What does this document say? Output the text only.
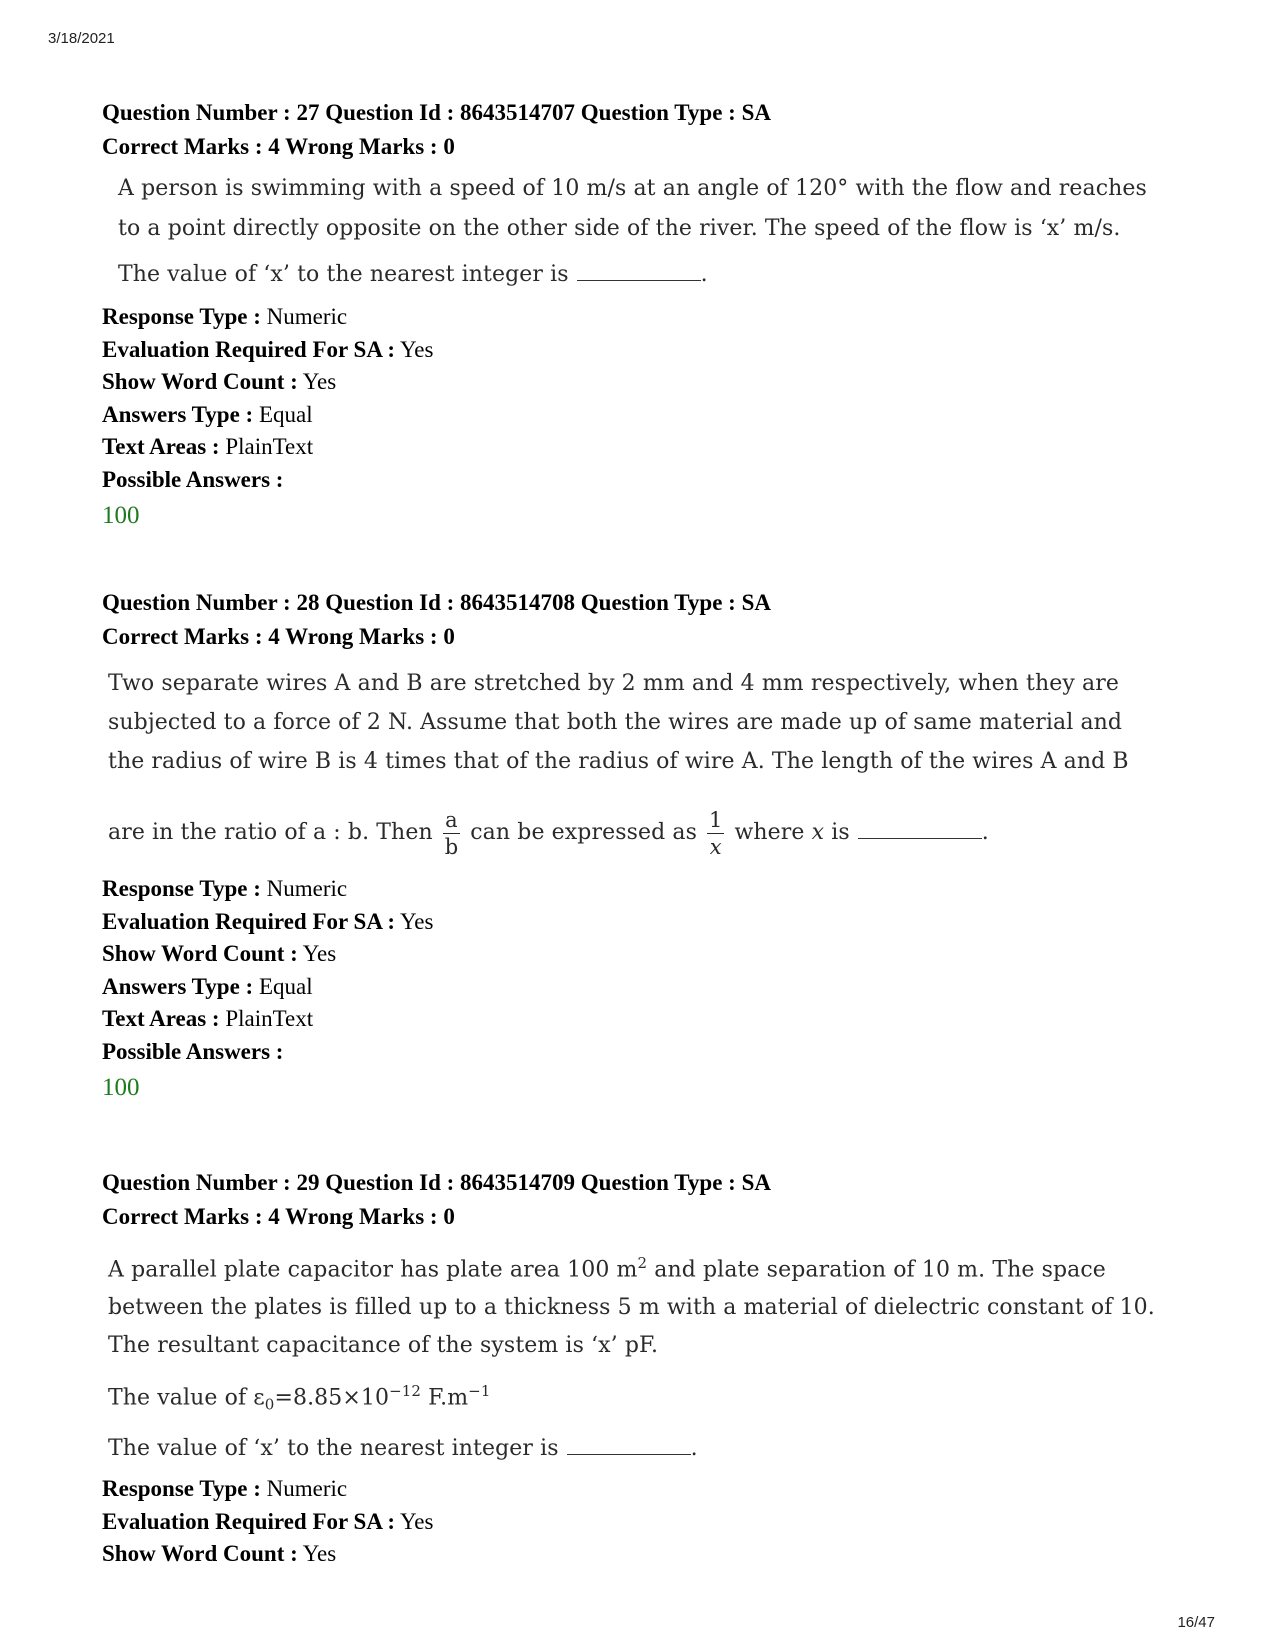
3/18/2021
Question Number : 27 Question Id : 8643514707 Question Type : SA
Correct Marks : 4 Wrong Marks : 0
A person is swimming with a speed of 10 m/s at an angle of 120° with the flow and reaches
to a point directly opposite on the other side of the river. The speed of the flow is ‘x’ m/s.
The value of ‘x’ to the nearest integer is	.
Response Type : Numeric
Evaluation Required For SA : Yes
Show Word Count : Yes
Answers Type : Equal
Text Areas : PlainText
Possible Answers :
100
Question Number : 28 Question Id : 8643514708 Question Type : SA
Correct Marks : 4 Wrong Marks : 0
Two separate wires A and B are stretched by 2 mm and 4 mm respectively, when they are
subjected to a force of 2 N. Assume that both the wires are made up of same material and
the radius of wire B is 4 times that of the radius of wire A. The length of the wires A and B
are in the ratio of a : b. Then $\frac{a}{b}$ can be expressed as $\frac{1}{x}$ where x is	.
Response Type : Numeric
Evaluation Required For SA : Yes
Show Word Count : Yes
Answers Type : Equal
Text Areas : PlainText
Possible Answers :
100
Question Number : 29 Question Id : 8643514709 Question Type : SA
Correct Marks : 4 Wrong Marks : 0
A parallel plate capacitor has plate area 100 $m^2$ and plate separation of 10 m. The space
between the plates is filled up to a thickness 5 m with a material of dielectric constant of 10.
The resultant capacitance of the system is ‘x’ pF.
The value of $\varepsilon_0=8.85\times 10^{-12}$ $F.m^{-1}$
The value of ‘x’ to the nearest integer is	.
Response Type : Numeric
Evaluation Required For SA : Yes
Show Word Count : Yes
16/47
